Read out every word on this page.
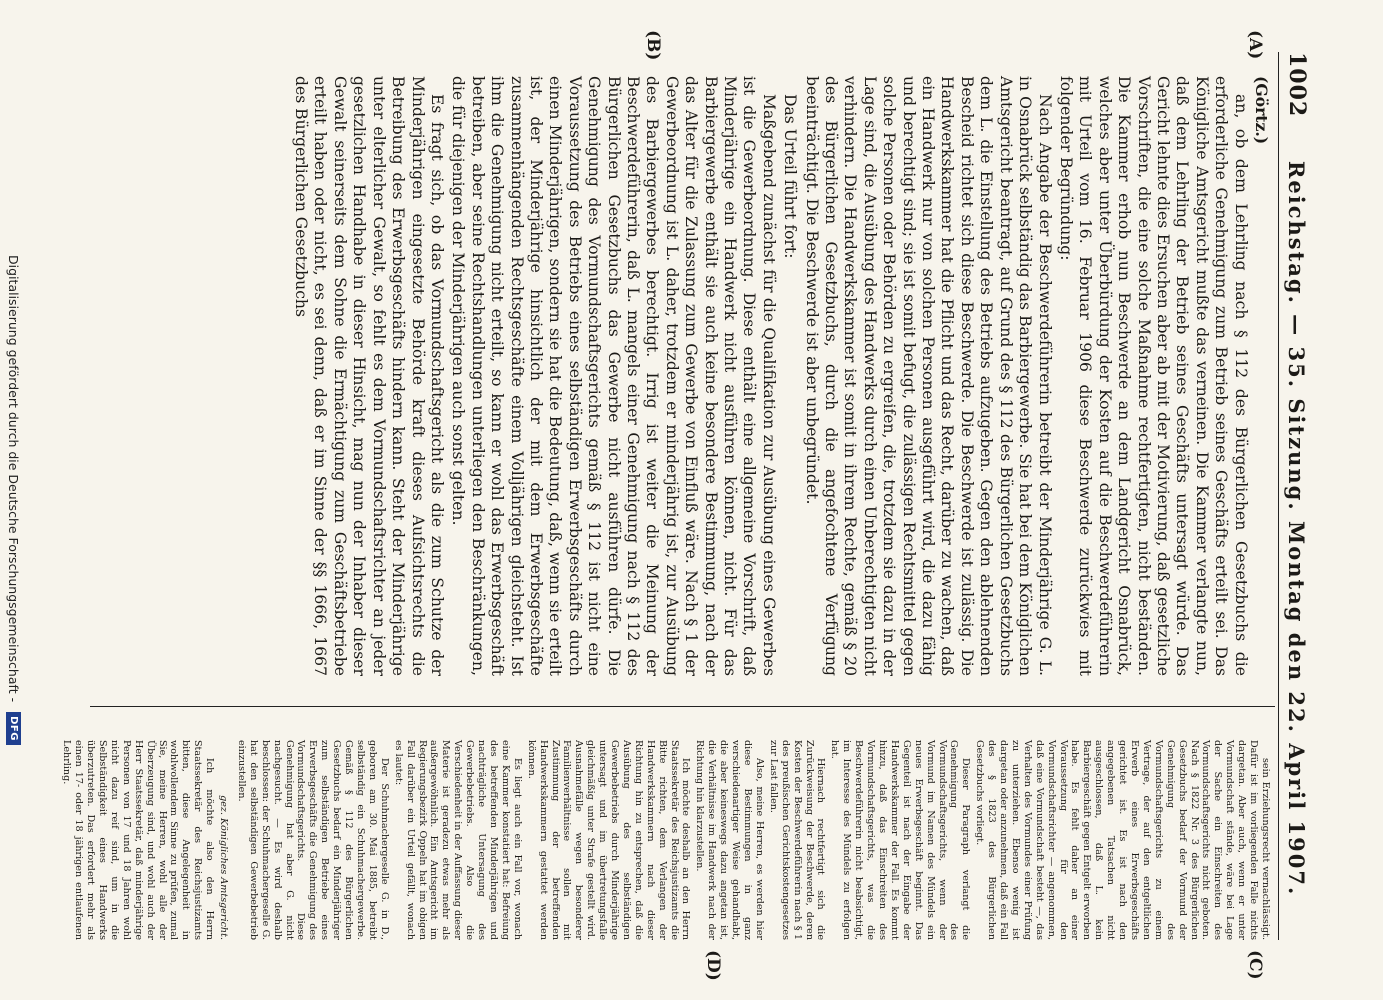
1002
Reichstag. — 35. Sitzung. Montag den 22. April 1907.
(A)
(B)
(C)
(D)

(Görtz.)

an, ob dem Lehrling nach § 112 des Bürgerlichen Gesetzbuchs die erforderliche Genehmigung zum Betrieb seines Geschäfts erteilt sei. Das Königliche Amtsgericht mußte das verneinen. Die Kammer verlangte nun, daß dem Lehrling der Betrieb seines Geschäfts untersagt würde. Das Gericht lehnte dies Ersuchen aber ab mit der Motivierung, daß gesetzliche Vorschriften, die eine solche Maßnahme rechtfertigten, nicht beständen. Die Kammer erhob nun Beschwerde an dem Landgericht Osnabrück, welches aber unter Überbürdung der Kosten auf die Beschwerdeführerin mit Urteil vom 16. Februar 1906 diese Beschwerde zurückwies mit folgender Begründung:

Nach Angabe der Beschwerdeführerin betreibt der Minderjährige G. L. in Osnabrück selbständig das Barbiergewerbe. Sie hat bei dem Königlichen Amtsgericht beantragt, auf Grund des § 112 des Bürgerlichen Gesetzbuchs dem L. die Einstellung des Betriebs aufzugeben. Gegen den ablehnenden Bescheid richtet sich diese Beschwerde. Die Beschwerde ist zulässig. Die Handwerkskammer hat die Pflicht und das Recht, darüber zu wachen, daß ein Handwerk nur von solchen Personen ausgeführt wird, die dazu fähig und berechtigt sind; sie ist somit befugt, die zulässigen Rechtsmittel gegen solche Personen oder Behörden zu ergreifen, die, trotzdem sie dazu in der Lage sind, die Ausübung des Handwerks durch einen Unberechtigten nicht verhindern. Die Handwerkskammer ist somit in ihrem Rechte, gemäß § 20 des Bürgerlichen Gesetzbuchs, durch die angefochtene Verfügung beeinträchtigt. Die Beschwerde ist aber unbegründet.

Das Urteil führt fort:

Maßgebend zunächst für die Qualifikation zur Ausübung eines Gewerbes ist die Gewerbeordnung. Diese enthält eine allgemeine Vorschrift, daß Minderjährige ein Handwerk nicht ausführen können, nicht. Für das Barbiergewerbe enthält sie auch keine besondere Bestimmung, nach der das Alter für die Zulassung zum Gewerbe von Einfluß wäre. Nach § 1 der Gewerbeordnung ist L. daher, trotzdem er minderjährig ist, zur Ausübung des Barbiergewerbes berechtigt. Irrig ist weiter die Meinung der Beschwerdeführerin, daß L. mangels einer Genehmigung nach § 112 des Bürgerlichen Gesetzbuchs das Gewerbe nicht ausführen dürfe. Die Genehmigung des Vormundschaftsgerichts gemäß § 112 ist nicht eine Voraussetzung des Betriebs eines selbständigen Erwerbsgeschäfts durch einen Minderjährigen, sondern sie hat die Bedeutung, daß, wenn sie erteilt ist, der Minderjährige hinsichtlich der mit dem Erwerbsgeschäfte zusammenhängenden Rechtsgeschäfte einem Volljährigen gleichsteht. Ist ihm die Genehmigung nicht erteilt, so kann er wohl das Erwerbsgeschäft betreiben, aber seine Rechtshandlungen unterliegen den Beschränkungen, die für diejenigen der Minderjährigen auch sonst gelten.

Es fragt sich, ob das Vormundschaftsgericht als die zum Schutze der Minderjährigen eingesetzte Behörde kraft dieses Aufsichtsrechts die Betreibung des Erwerbsgeschäfts hindern kann. Steht der Minderjährige unter elterlicher Gewalt, so fehlt es dem Vormundschaftsrichter an jeder gesetzlichen Handhabe in dieser Hinsicht, mag nun der Inhaber dieser Gewalt seinerseits dem Sohne die Ermächtigung zum Geschäftsbetriebe erteilt haben oder nicht, es sei denn, daß er im Sinne der §§ 1666, 1667 des Bürgerlichen Gesetzbuchs

sein Erziehungsrecht vernachlässigt. Dafür ist im vorliegenden Falle nichts dargetan. Aber auch, wenn er unter Vormundschaft stände, wäre bei Lage der Sache ein Einschreiten des Vormundschaftsgerichts nicht geboten. Nach § 1822 Nr. 3 des Bürgerlichen Gesetzbuchs bedarf der Vormund der Genehmigung des Vormundschaftsgerichts zu einem Vertrage, der auf den entgeltlichen Erwerb eines Erwerbsgeschäfts gerichtet ist. Es ist nach den angegebenen Tatsachen nicht ausgeschlossen, daß L. kein Barbiergeschäft gegen Entgelt erworben habe. Es fehlt daher an einer Voraussetzung für den Vormundschaftsrichter — angenommen, daß eine Vormundschaft besteht —, das Verhalten des Vormundes einer Prüfung zu unterziehen. Ebenso wenig ist dargetan oder anzunehmen, daß ein Fall des § 1823 des Bürgerlichen Gesetzbuchs vorliegt.

Dieser Paragraph verlangt die Genehmigung des Vormundschaftsgerichts, wenn der Vormund im Namen des Mündels ein neues Erwerbsgeschäft beginnt. Das Gegenteil ist nach der Eingabe der Handwerkskammer der Fall. Es kommt hinzu, daß das Einschreiten des Vormundschaftsgerichts, was die Beschwerdeführerin nicht beabsichtigt, im Interesse des Mündels zu erfolgen hat.

Hiernach rechtfertigt sich die Zurückweisung der Beschwerde, deren Kosten der Beschwerdeführerin nach § 1 des preußischen Gerichtskostengesetzes zur Last fallen.

Also, meine Herren, es werden hier diese Bestimmungen in ganz verschiedenartiger Weise gehandhabt, die aber keineswegs dazu angetan ist, die Verhältnisse im Handwerk nach der Richtung hin klarzustellen.

Ich möchte deshalb an den Herrn Staatssekretär des Reichsjustizamts die Bitte richten, dem Verlangen der Handwerkskammern nach dieser Richtung hin zu entsprechen, daß die Ausübung des selbständigen Gewerbebetriebs durch Minderjährige untersagt und im übertretungsfalle gleichmäßig unter Strafe gestellt wird. Ausnahmefälle wegen besonderer Familienverhältnisse sollen mit Zustimmung der betreffenden Handwerkskammern gestattet werden können.

Es liegt auch ein Fall vor, wonach eine Kammer konstatiert hat: Befreiung des betreffenden Minderjährigen und nachträgliche Untersagung des Gewerbebetriebs. Also die Verschiedenheit in der Auffassung dieser Materie ist geradezu etwas mehr als außergewöhnlich. Ein Amtsgericht im Regierungsbezirk Oppeln hat im obigen Fall darüber ein Urteil gefällt, wonach es lautet:

Der Schuhmachergeselle G. in D., geboren am 30. Mai 1885, betreibt selbständig ein Schuhmachergewerbe. Gemäß § 112 des Bürgerlichen Gesetzbuchs bedarf ein Minderjähriger zum selbständigen Betriebe eines Erwerbsgeschäfts die Genehmigung des Vormundschaftsgerichts. Diese Genehmigung hat aber G. nicht nachgesucht. — Es wird deshalb beschlossen: der Schuhmachergeselle G. hat den selbständigen Gewerbebetrieb einzustellen.

gez. Königliches Amtsgericht.

Ich möchte also den Herrn Staatssekretär des Reichsjustizamts bitten, diese Angelegenheit in wohlwollendem Sinne zu prüfen, zumal Sie, meine Herren, wohl alle der Überzeugung sind, und wohl auch der Herr Staatssekretär, daß minderjährige Personen von 17 und 18 Jahren wohl nicht dazu reif sind, um in die Selbständigkeit eines Handwerks überzutreten. Das erfordert mehr als einen 17- oder 18 jährigen entlaufenen Lehrling.

Digitalisierung gefördert durch die Deutsche Forschungsgemeinschaft -
DFG
